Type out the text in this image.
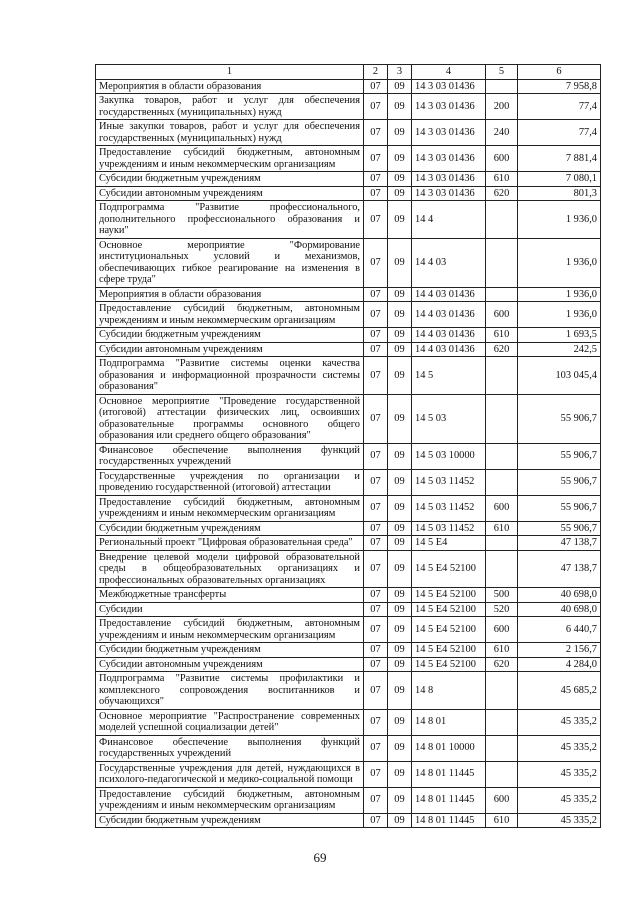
1	2	3	4	5	6
Мероприятия в области образования	07	09	14 3 03 01436		7 958,8
Закупка товаров, работ и услуг для обеспечения государственных (муниципальных) нужд	07	09	14 3 03 01436	200	77,4
Иные закупки товаров, работ и услуг для обеспечения государственных (муниципальных) нужд	07	09	14 3 03 01436	240	77,4
Предоставление субсидий бюджетным, автономным учреждениям и иным некоммерческим организациям	07	09	14 3 03 01436	600	7 881,4
Субсидии бюджетным учреждениям	07	09	14 3 03 01436	610	7 080,1
Субсидии автономным учреждениям	07	09	14 3 03 01436	620	801,3
Подпрограмма "Развитие профессионального, дополнительного профессионального образования и науки"	07	09	14 4		1 936,0
Основное мероприятие "Формирование институциональных условий и механизмов, обеспечивающих гибкое реагирование на изменения в сфере труда"	07	09	14 4 03		1 936,0
Мероприятия в области образования	07	09	14 4 03 01436		1 936,0
Предоставление субсидий бюджетным, автономным учреждениям и иным некоммерческим организациям	07	09	14 4 03 01436	600	1 936,0
Субсидии бюджетным учреждениям	07	09	14 4 03 01436	610	1 693,5
Субсидии автономным учреждениям	07	09	14 4 03 01436	620	242,5
Подпрограмма "Развитие системы оценки качества образования и информационной прозрачности системы образования"	07	09	14 5		103 045,4
Основное мероприятие "Проведение государственной (итоговой) аттестации физических лиц, освоивших образовательные программы основного общего образования или среднего общего образования"	07	09	14 5 03		55 906,7
Финансовое обеспечение выполнения функций государственных учреждений	07	09	14 5 03 10000		55 906,7
Государственные учреждения по организации и проведению государственной (итоговой) аттестации	07	09	14 5 03 11452		55 906,7
Предоставление субсидий бюджетным, автономным учреждениям и иным некоммерческим организациям	07	09	14 5 03 11452	600	55 906,7
Субсидии бюджетным учреждениям	07	09	14 5 03 11452	610	55 906,7
Региональный проект "Цифровая образовательная среда"	07	09	14 5 E4		47 138,7
Внедрение целевой модели цифровой образовательной среды в общеобразовательных организациях и профессиональных образовательных организациях	07	09	14 5 E4 52100		47 138,7
Межбюджетные трансферты	07	09	14 5 E4 52100	500	40 698,0
Субсидии	07	09	14 5 E4 52100	520	40 698,0
Предоставление субсидий бюджетным, автономным учреждениям и иным некоммерческим организациям	07	09	14 5 E4 52100	600	6 440,7
Субсидии бюджетным учреждениям	07	09	14 5 E4 52100	610	2 156,7
Субсидии автономным учреждениям	07	09	14 5 E4 52100	620	4 284,0
Подпрограмма "Развитие системы профилактики и комплексного сопровождения воспитанников и обучающихся"	07	09	14 8		45 685,2
Основное мероприятие "Распространение современных моделей успешной социализации детей"	07	09	14 8 01		45 335,2
Финансовое обеспечение выполнения функций государственных учреждений	07	09	14 8 01 10000		45 335,2
Государственные учреждения для детей, нуждающихся в психолого-педагогической и медико-социальной помощи	07	09	14 8 01 11445		45 335,2
Предоставление субсидий бюджетным, автономным учреждениям и иным некоммерческим организациям	07	09	14 8 01 11445	600	45 335,2
Субсидии бюджетным учреждениям	07	09	14 8 01 11445	610	45 335,2
69
